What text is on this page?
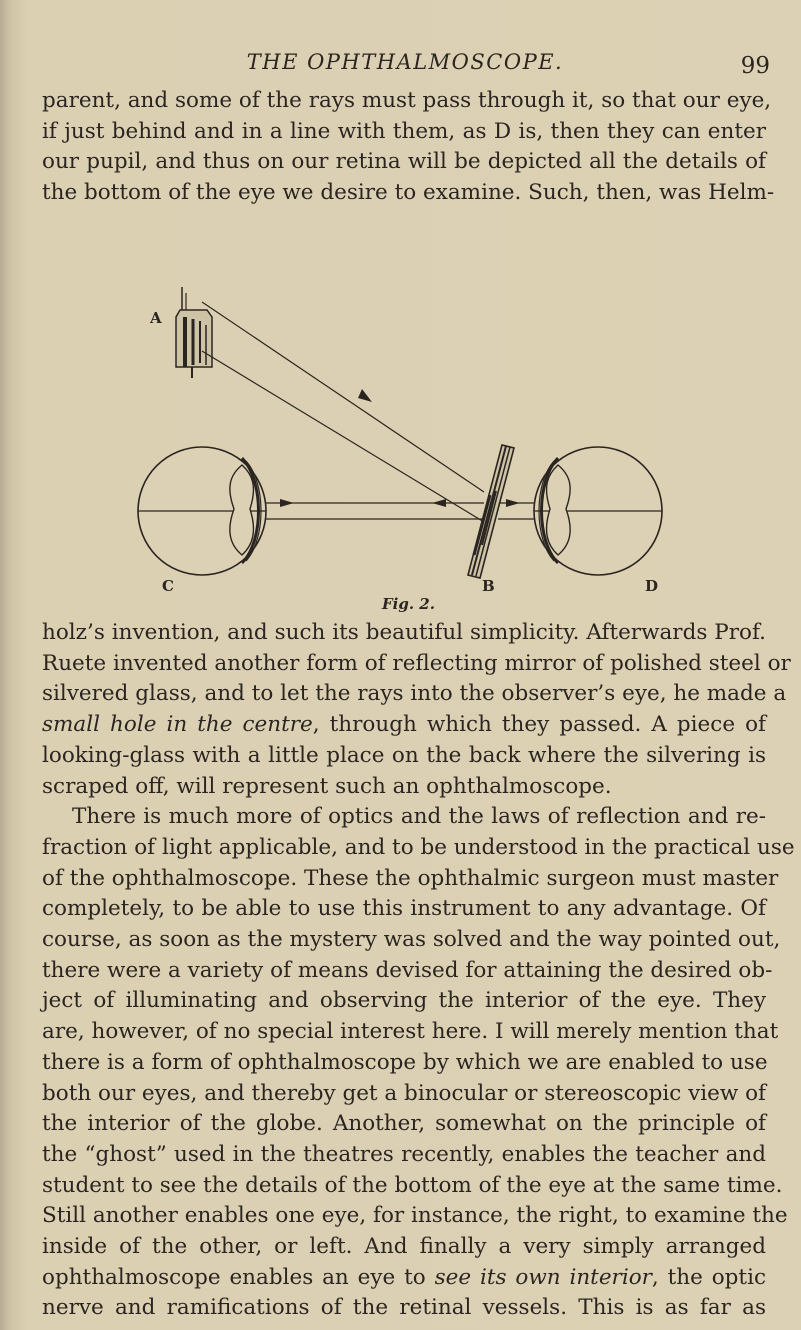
THE OPHTHALMOSCOPE.	99
parent, and some of the rays must pass through it, so that our eye,
if just behind and in a line with them, as D is, then they can enter
our pupil, and thus on our retina will be depicted all the details of
the bottom of the eye we desire to examine. Such, then, was Helm-
A
C	B	D
Fig. 2.
holz’s invention, and such its beautiful simplicity. Afterwards Prof.
Ruete invented another form of reflecting mirror of polished steel or
silvered glass, and to let the rays into the observer’s eye, he made a
small hole in the centre, through which they passed. A piece of
looking-glass with a little place on the back where the silvering is
scraped off, will represent such an ophthalmoscope.
There is much more of optics and the laws of reflection and re-
fraction of light applicable, and to be understood in the practical use
of the ophthalmoscope. These the ophthalmic surgeon must master
completely, to be able to use this instrument to any advantage. Of
course, as soon as the mystery was solved and the way pointed out,
there were a variety of means devised for attaining the desired ob-
ject of illuminating and observing the interior of the eye. They
are, however, of no special interest here. I will merely mention that
there is a form of ophthalmoscope by which we are enabled to use
both our eyes, and thereby get a binocular or stereoscopic view of
the interior of the globe. Another, somewhat on the principle of
the “ghost” used in the theatres recently, enables the teacher and
student to see the details of the bottom of the eye at the same time.
Still another enables one eye, for instance, the right, to examine the
inside of the other, or left. And finally a very simply arranged
ophthalmoscope enables an eye to see its own interior, the optic
nerve and ramifications of the retinal vessels. This is as far as
